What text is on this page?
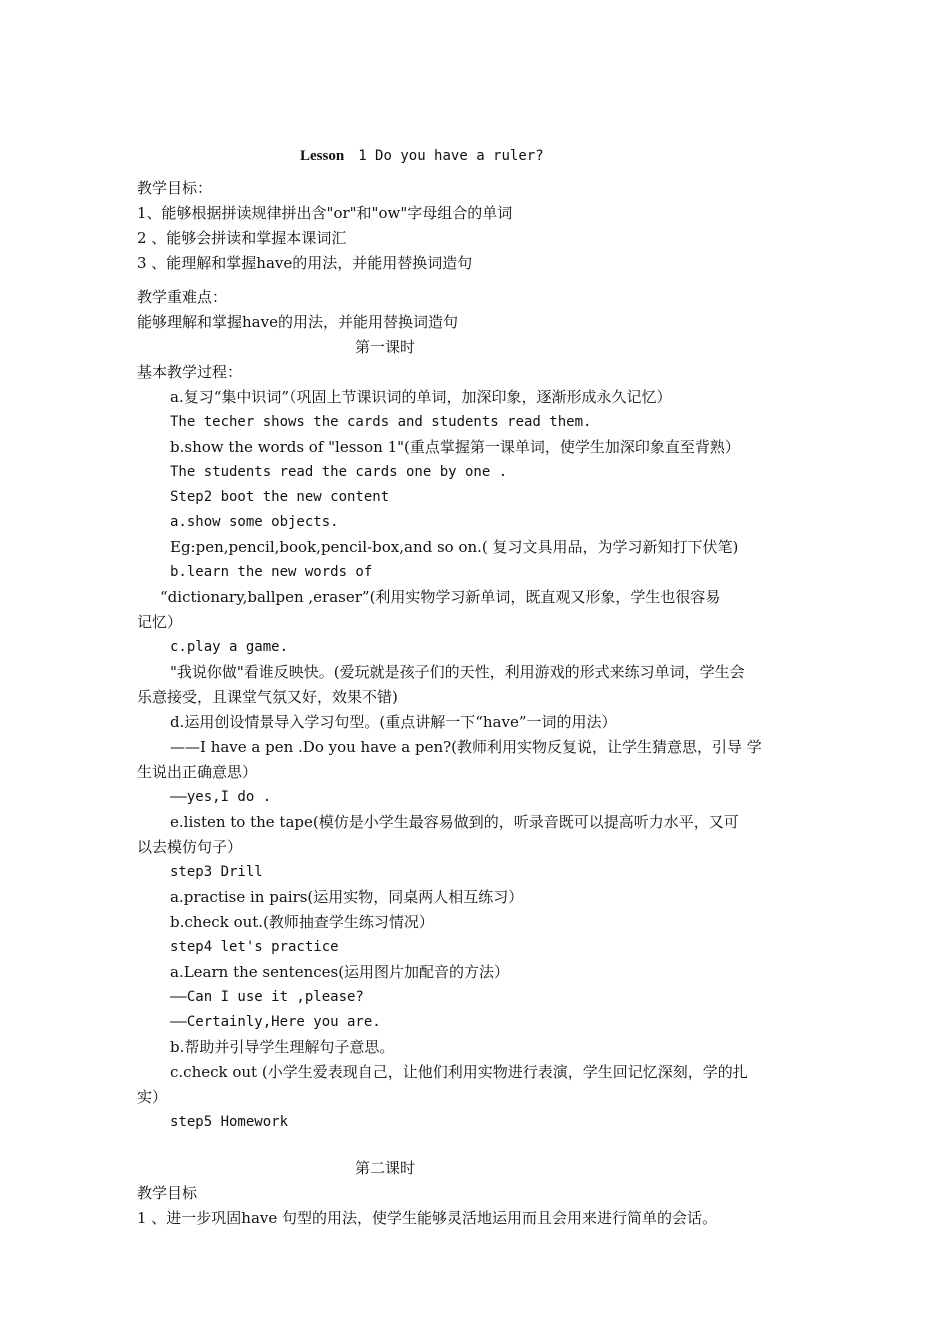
Lesson 1 Do you have a ruler?
教学目标：
1、能够根据拼读规律拼出含"or"和"ow"字母组合的单词
2 、能够会拼读和掌握本课词汇
3 、能理解和掌握have的用法，并能用替换词造句
教学重难点：
能够理解和掌握have的用法，并能用替换词造句
第一课时
基本教学过程：
a.复习“集中识词”（巩固上节课识词的单词，加深印象，逐渐形成永久记忆）
The techer shows the cards and students read them.
b.show the words of "lesson 1"(重点掌握第一课单词，使学生加深印象直至背熟）
The students read the cards one by one .
Step2 boot the new content
a.show some objects.
Eg:pen,pencil,book,pencil-box,and so on.( 复习文具用品，为学习新知打下伏笔)
b.learn the new words of
“dictionary,ballpen ,eraser”(利用实物学习新单词，既直观又形象，学生也很容易
记忆）
c.play a game.
"我说你做"看谁反映快。(爱玩就是孩子们的天性，利用游戏的形式来练习单词，学生会
乐意接受，且课堂气氛又好，效果不错)
d.运用创设情景导入学习句型。(重点讲解一下“have”一词的用法）
——I have a pen .Do you have a pen?(教师利用实物反复说，让学生猜意思，引导 学
生说出正确意思）
——yes,I do .
e.listen to the tape(模仿是小学生最容易做到的，听录音既可以提高听力水平，又可
以去模仿句子）
step3 Drill
a.practise in pairs(运用实物，同桌两人相互练习）
b.check out.(教师抽查学生练习情况）
step4 let's practice
a.Learn the sentences(运用图片加配音的方法）
——Can I use it ,please?
——Certainly,Here you are.
b.帮助并引导学生理解句子意思。
c.check out (小学生爱表现自己，让他们利用实物进行表演，学生回记忆深刻，学的扎
实）
step5 Homework
第二课时
教学目标
1 、进一步巩固have 句型的用法，使学生能够灵活地运用而且会用来进行简单的会话。
